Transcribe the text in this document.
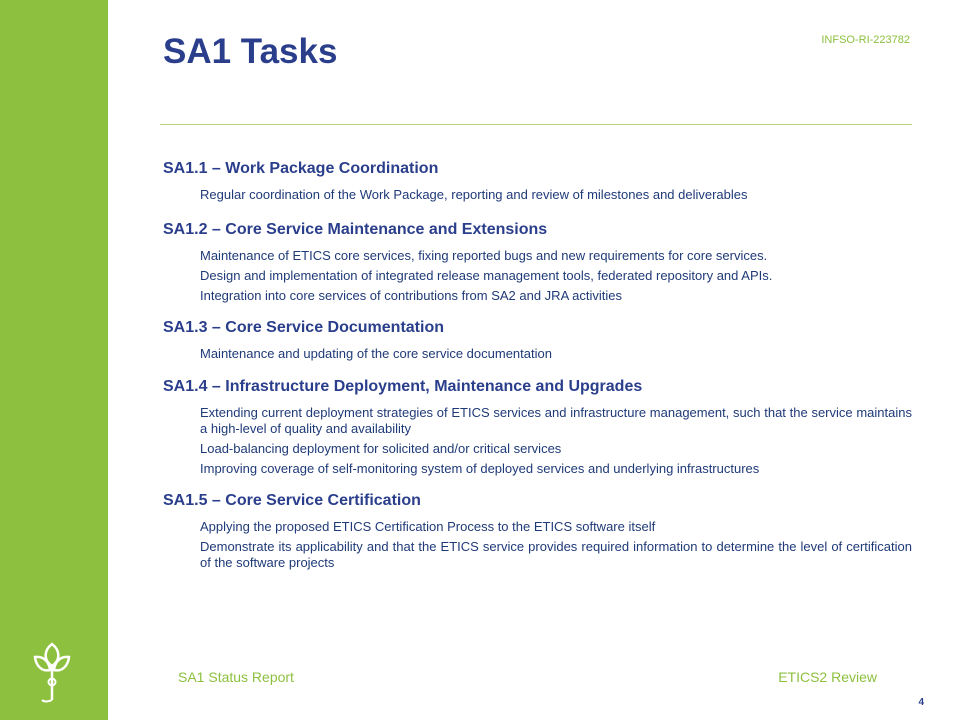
SA1 Tasks	INFSO-RI-223782
SA1.1 – Work Package Coordination
Regular coordination of the Work Package, reporting and review of milestones and deliverables
SA1.2 – Core Service Maintenance and Extensions
Maintenance of ETICS core services, fixing reported bugs and new requirements for core services.
Design and implementation of integrated release management tools, federated repository and APIs.
Integration into core services of contributions from SA2 and JRA activities
SA1.3 – Core Service Documentation
Maintenance and updating of the core service documentation
SA1.4 – Infrastructure Deployment, Maintenance and Upgrades
Extending current deployment strategies of ETICS services and infrastructure management, such that the service maintains a high-level of quality and availability
Load-balancing deployment for solicited and/or critical services
Improving coverage of self-monitoring system of deployed services and underlying infrastructures
SA1.5 – Core Service Certification
Applying the proposed ETICS Certification Process to the ETICS software itself
Demonstrate its applicability and that the ETICS service provides required information to determine the level of certification of the software projects
SA1 Status Report	ETICS2 Review
4
